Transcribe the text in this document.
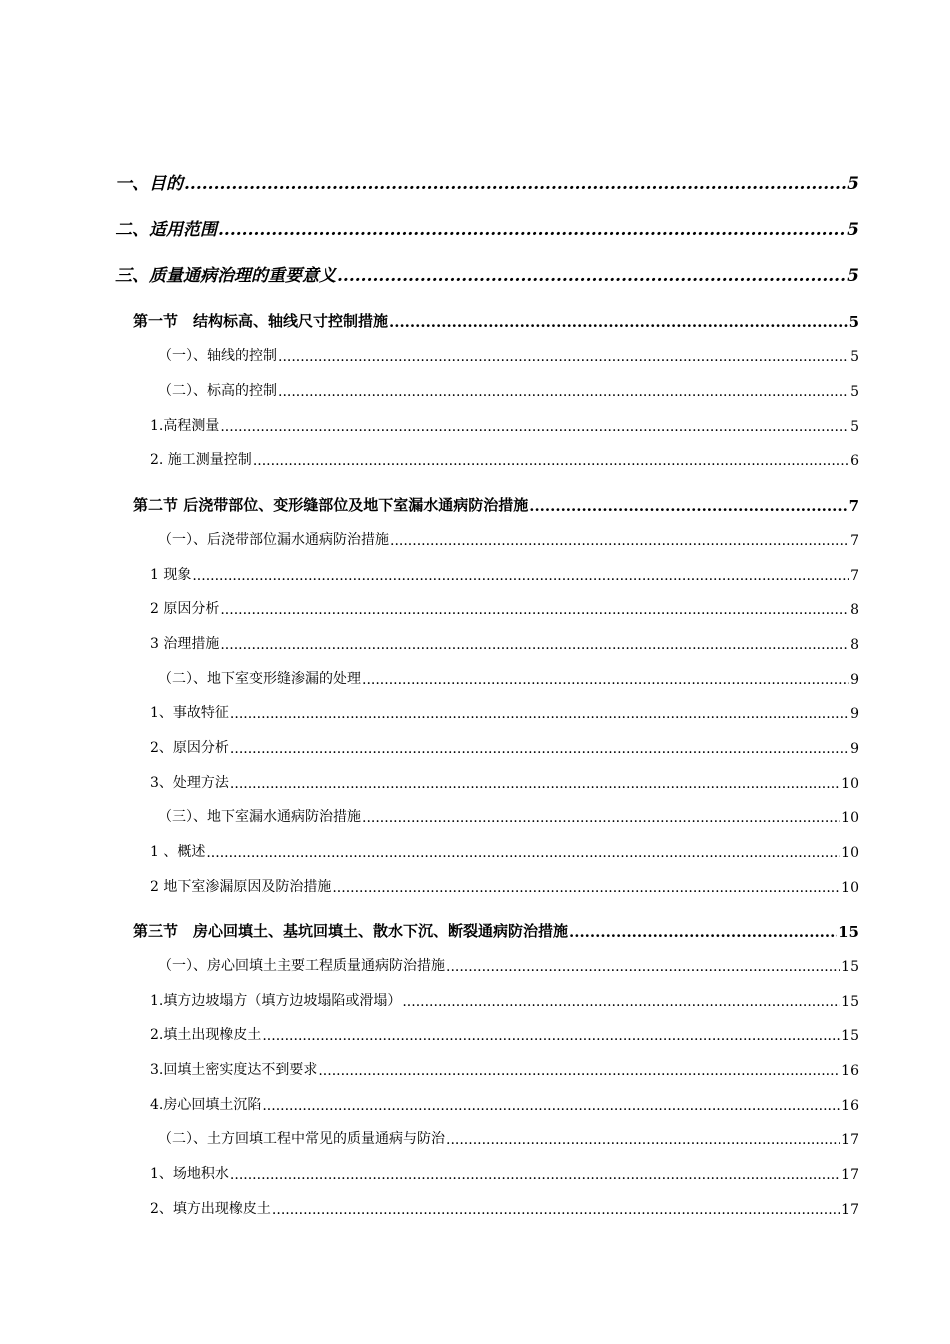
一、目的 .....	5
二、适用范围 .....	5
三、质量通病治理的重要意义 .....	5
第一节　结构标高、轴线尺寸控制措施 .....	5
（一）、轴线的控制 .....	5
（二）、标高的控制 .....	5
1.高程测量 .....	5
2. 施工测量控制 .....	6
第二节 后浇带部位、变形缝部位及地下室漏水通病防治措施 .....	7
（一）、后浇带部位漏水通病防治措施 .....	7
1 现象 .....	7
2 原因分析 .....	8
3 治理措施 .....	8
（二）、地下室变形缝渗漏的处理 .....	9
1、事故特征 .....	9
2、原因分析 .....	9
3、处理方法 .....	10
（三）、地下室漏水通病防治措施 .....	10
1 、概述 .....	10
2 地下室渗漏原因及防治措施 .....	10
第三节　房心回填土、基坑回填土、散水下沉、断裂通病防治措施 .....	15
（一）、房心回填土主要工程质量通病防治措施 .....	15
1.填方边坡塌方（填方边坡塌陷或滑塌） .....	15
2.填土出现橡皮土 .....	15
3.回填土密实度达不到要求 .....	16
4.房心回填土沉陷 .....	16
（二）、土方回填工程中常见的质量通病与防治 .....	17
1、场地积水 .....	17
2、填方出现橡皮土 .....	17
